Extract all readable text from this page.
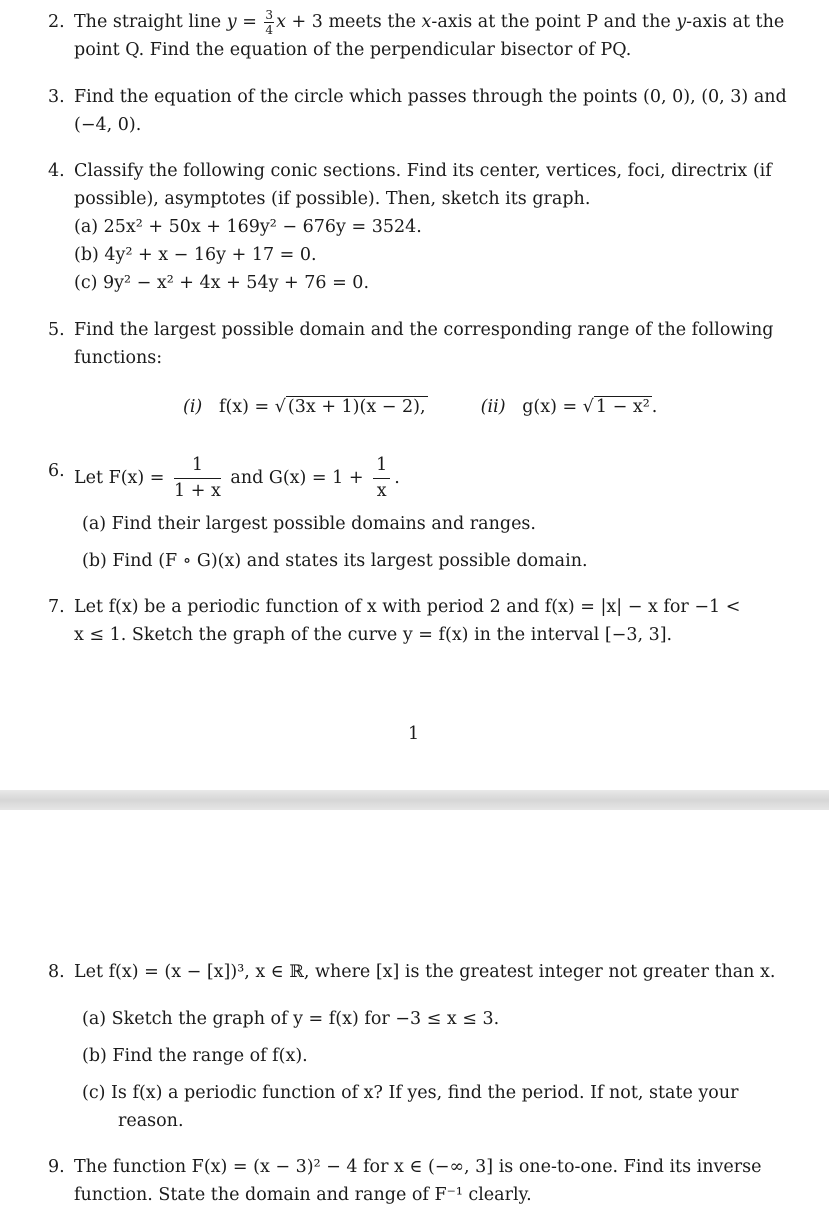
2. The straight line $y = \frac{3}{4}$ x + 3 meets the x-axis at the point P and the y-axis at the
point Q. Find the equation of the perpendicular bisector of PQ.
3. Find the equation of the circle which passes through the points (0, 0), (0, 3) and
(−4, 0).
4. Classify the following conic sections. Find its center, vertices, foci, directrix (if
possible), asymptotes (if possible). Then, sketch its graph.
(a) 25x² + 50x + 169y² − 676y = 3524.
(b) 4y² + x − 16y + 17 = 0.
(c) 9y² − x² + 4x + 54y + 76 = 0.
5. Find the largest possible domain and the corresponding range of the following
functions:
(i) f(x) = √ (3x + 1)(x − 2),	(ii) g(x) = √ 1 − x² .
6. Let $F(x) = \frac{1}{1 + x}$ and $G(x) = 1 + \frac{1}{x}$ .
(a) Find their largest possible domains and ranges.
(b) Find (F ∘ G)(x) and states its largest possible domain.
7. Let f(x) be a periodic function of x with period 2 and f(x) = |x| − x for −1 <
x ≤ 1. Sketch the graph of the curve y = f(x) in the interval [−3, 3].
1
8. Let f(x) = (x − [x])³, x ∈ ℝ, where [x] is the greatest integer not greater than x.
(a) Sketch the graph of y = f(x) for −3 ≤ x ≤ 3.
(b) Find the range of f(x).
(c) Is f(x) a periodic function of x? If yes, find the period. If not, state your
reason.
9. The function F(x) = (x − 3)² − 4 for x ∈ (−∞, 3] is one-to-one. Find its inverse
function. State the domain and range of F⁻¹ clearly.
